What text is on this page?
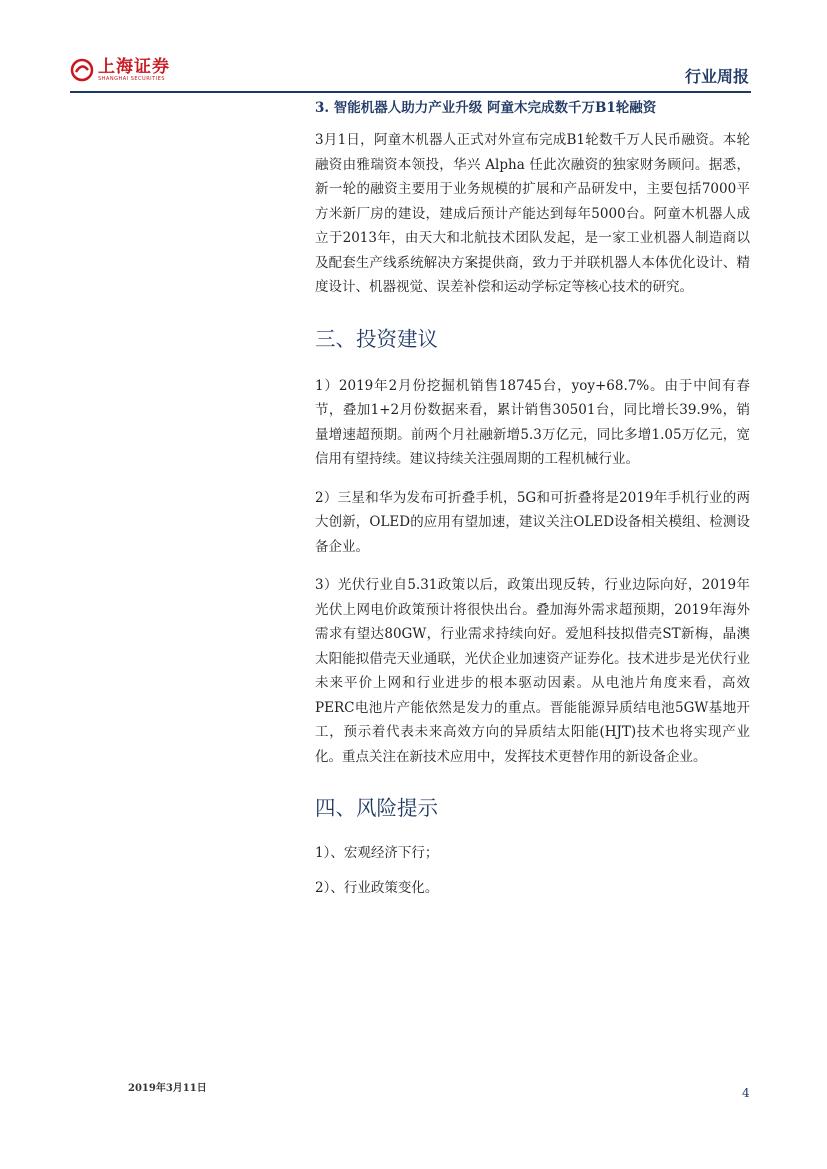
上海证券
SHANGHAI SECURITIES	行业周报
3. 智能机器人助力产业升级 阿童木完成数千万B1轮融资

3月1日，阿童木机器人正式对外宣布完成B1轮数千万人民币融资。本轮融资由雅瑞资本领投，华兴 Alpha 任此次融资的独家财务顾问。据悉，新一轮的融资主要用于业务规模的扩展和产品研发中，主要包括7000平方米新厂房的建设，建成后预计产能达到每年5000台。阿童木机器人成立于2013年，由天大和北航技术团队发起，是一家工业机器人制造商以及配套生产线系统解决方案提供商，致力于并联机器人本体优化设计、精度设计、机器视觉、误差补偿和运动学标定等核心技术的研究。

三、投资建议

1）2019年2月份挖掘机销售18745台，yoy+68.7%。由于中间有春节，叠加1+2月份数据来看，累计销售30501台，同比增长39.9%，销量增速超预期。前两个月社融新增5.3万亿元，同比多增1.05万亿元，宽信用有望持续。建议持续关注强周期的工程机械行业。

2）三星和华为发布可折叠手机，5G和可折叠将是2019年手机行业的两大创新，OLED的应用有望加速，建议关注OLED设备相关模组、检测设备企业。

3）光伏行业自5.31政策以后，政策出现反转，行业边际向好，2019年光伏上网电价政策预计将很快出台。叠加海外需求超预期，2019年海外需求有望达80GW，行业需求持续向好。爱旭科技拟借壳ST新梅，晶澳太阳能拟借壳天业通联，光伏企业加速资产证券化。技术进步是光伏行业未来平价上网和行业进步的根本驱动因素。从电池片角度来看，高效PERC电池片产能依然是发力的重点。晋能能源异质结电池5GW基地开工，预示着代表未来高效方向的异质结太阳能(HJT)技术也将实现产业化。重点关注在新技术应用中，发挥技术更替作用的新设备企业。

四、风险提示

1）、宏观经济下行；

2）、行业政策变化。

2019年3月11日	4
